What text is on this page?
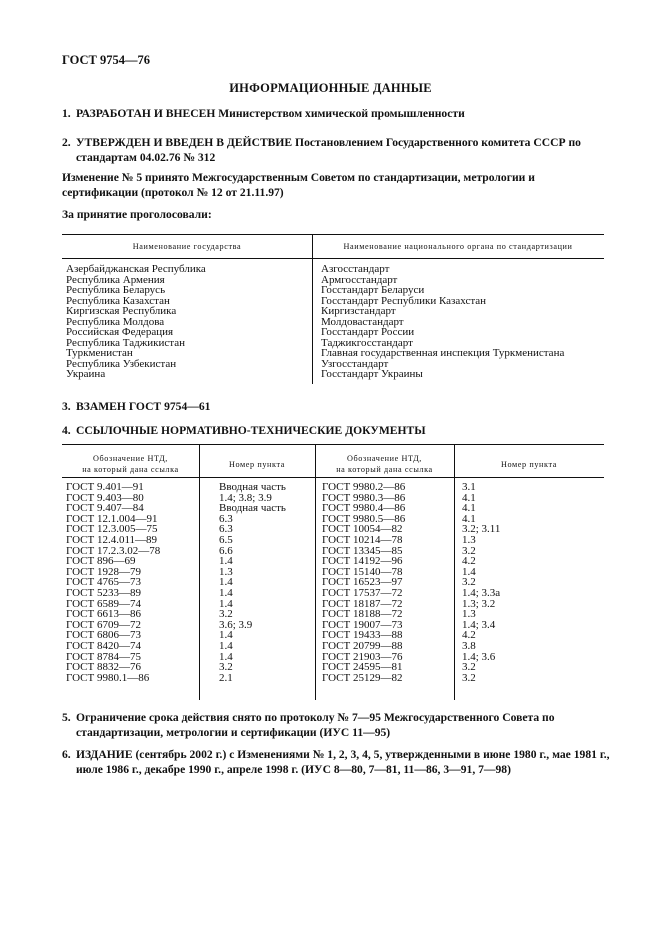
ГОСТ 9754—76
ИНФОРМАЦИОННЫЕ ДАННЫЕ
1. РАЗРАБОТАН И ВНЕСЕН Министерством химической промышленности
2. УТВЕРЖДЕН И ВВЕДЕН В ДЕЙСТВИЕ Постановлением Государственного комитета СССР по стандартам 04.02.76 № 312
Изменение № 5 принято Межгосударственным Советом по стандартизации, метрологии и сертификации (протокол № 12 от 21.11.97)
За принятие проголосовали:
Наименование государства	Наименование национального органа по стандартизации
Азербайджанская Республика
Республика Армения
Республика Беларусь
Республика Казахстан
Киргизская Республика
Республика Молдова
Российская Федерация
Республика Таджикистан
Туркменистан
Республика Узбекистан
Украина
Азгосстандарт
Армгосстандарт
Госстандарт Беларуси
Госстандарт Республики Казахстан
Киргизстандарт
Молдовастандарт
Госстандарт России
Таджикгосстандарт
Главная государственная инспекция Туркменистана
Узгосстандарт
Госстандарт Украины
3. ВЗАМЕН ГОСТ 9754—61
4. ССЫЛОЧНЫЕ НОРМАТИВНО-ТЕХНИЧЕСКИЕ ДОКУМЕНТЫ
Обозначение НТД,
на который дана ссылка
Номер пункта
Обозначение НТД,
на который дана ссылка
Номер пункта
ГОСТ 9.401—91
ГОСТ 9.403—80
ГОСТ 9.407—84
ГОСТ 12.1.004—91
ГОСТ 12.3.005—75
ГОСТ 12.4.011—89
ГОСТ 17.2.3.02—78
ГОСТ 896—69
ГОСТ 1928—79
ГОСТ 4765—73
ГОСТ 5233—89
ГОСТ 6589—74
ГОСТ 6613—86
ГОСТ 6709—72
ГОСТ 6806—73
ГОСТ 8420—74
ГОСТ 8784—75
ГОСТ 8832—76
ГОСТ 9980.1—86
Вводная часть
1.4; 3.8; 3.9
Вводная часть
6.3
6.3
6.5
6.6
1.4
1.3
1.4
1.4
1.4
3.2
3.6; 3.9
1.4
1.4
1.4
3.2
2.1
ГОСТ 9980.2—86
ГОСТ 9980.3—86
ГОСТ 9980.4—86
ГОСТ 9980.5—86
ГОСТ 10054—82
ГОСТ 10214—78
ГОСТ 13345—85
ГОСТ 14192—96
ГОСТ 15140—78
ГОСТ 16523—97
ГОСТ 17537—72
ГОСТ 18187—72
ГОСТ 18188—72
ГОСТ 19007—73
ГОСТ 19433—88
ГОСТ 20799—88
ГОСТ 21903—76
ГОСТ 24595—81
ГОСТ 25129—82
3.1
4.1
4.1
4.1
3.2; 3.11
1.3
3.2
4.2
1.4
3.2
1.4; 3.3а
1.3; 3.2
1.3
1.4; 3.4
4.2
3.8
1.4; 3.6
3.2
3.2
5. Ограничение срока действия снято по протоколу № 7—95 Межгосударственного Совета по стандартизации, метрологии и сертификации (ИУС 11—95)
6. ИЗДАНИЕ (сентябрь 2002 г.) с Изменениями № 1, 2, 3, 4, 5, утвержденными в июне 1980 г., мае 1981 г., июле 1986 г., декабре 1990 г., апреле 1998 г. (ИУС 8—80, 7—81, 11—86, 3—91, 7—98)
